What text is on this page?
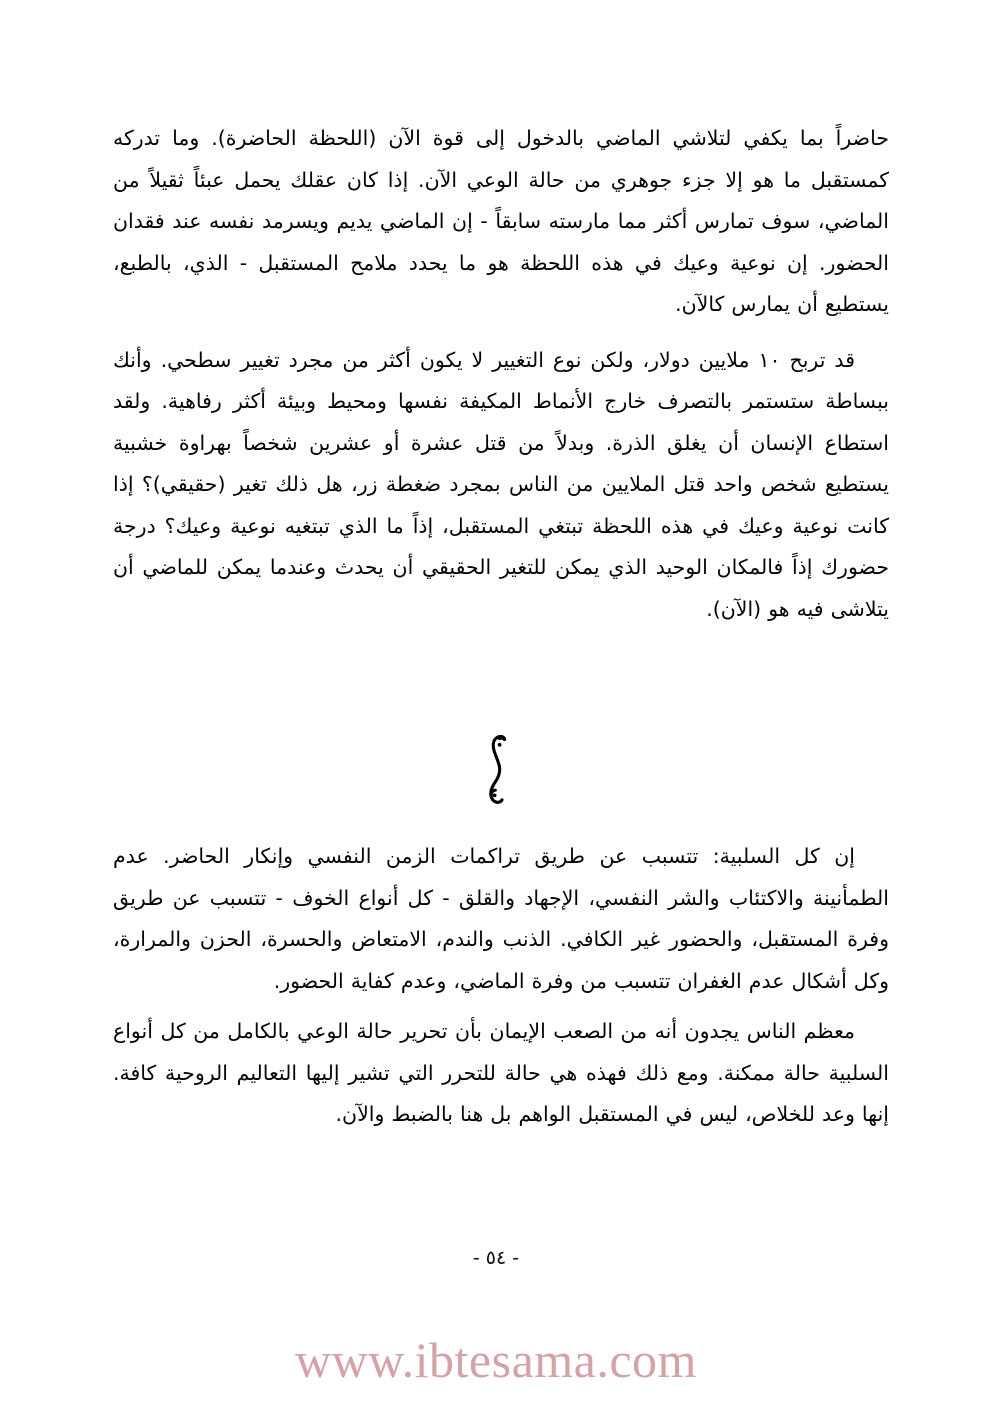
حاضراً بما يكفي لتلاشي الماضي بالدخول إلى قوة الآن (اللحظة الحاضرة). وما تدركه كمستقبل ما هو إلا جزء جوهري من حالة الوعي الآن. إذا كان عقلك يحمل عبئاً ثقيلاً من الماضي، سوف تمارس أكثر مما مارسته سابقاً - إن الماضي يديم ويسرمد نفسه عند فقدان الحضور. إن نوعية وعيك في هذه اللحظة هو ما يحدد ملامح المستقبل - الذي، بالطبع، يستطيع أن يمارس كالآن.

قد تربح ١٠ ملايين دولار، ولكن نوع التغيير لا يكون أكثر من مجرد تغيير سطحي. وأنك ببساطة ستستمر بالتصرف خارج الأنماط المكيفة نفسها ومحيط وبيئة أكثر رفاهية. ولقد استطاع الإنسان أن يغلق الذرة. وبدلاً من قتل عشرة أو عشرين شخصاً بهراوة خشبية يستطيع شخص واحد قتل الملايين من الناس بمجرد ضغطة زر، هل ذلك تغير (حقيقي)؟ إذا كانت نوعية وعيك في هذه اللحظة تبتغي المستقبل، إذاً ما الذي تبتغيه نوعية وعيك؟ درجة حضورك إذاً فالمكان الوحيد الذي يمكن للتغير الحقيقي أن يحدث وعندما يمكن للماضي أن يتلاشى فيه هو (الآن).

إن كل السلبية: تتسبب عن طريق تراكمات الزمن النفسي وإنكار الحاضر. عدم الطمأنينة والاكتئاب والشر النفسي، الإجهاد والقلق - كل أنواع الخوف - تتسبب عن طريق وفرة المستقبل، والحضور غير الكافي. الذنب والندم، الامتعاض والحسرة، الحزن والمرارة، وكل أشكال عدم الغفران تتسبب من وفرة الماضي، وعدم كفاية الحضور.

معظم الناس يجدون أنه من الصعب الإيمان بأن تحرير حالة الوعي بالكامل من كل أنواع السلبية حالة ممكنة. ومع ذلك فهذه هي حالة للتحرر التي تشير إليها التعاليم الروحية كافة. إنها وعد للخلاص، ليس في المستقبل الواهم بل هنا بالضبط والآن.

- ٥٤ -
www.ibtesama.com
